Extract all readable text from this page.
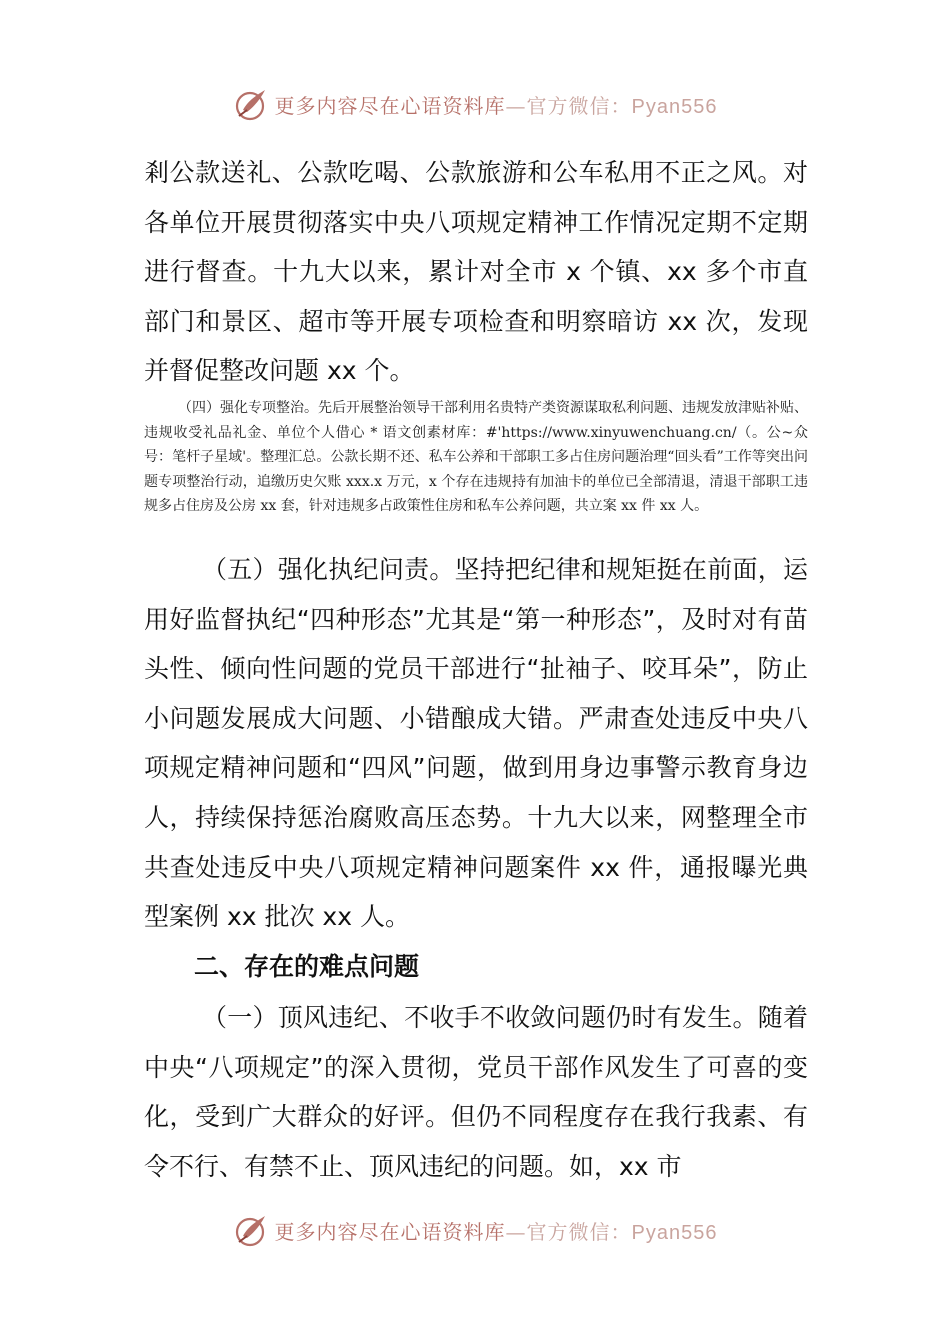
更多内容尽在心语资料库—官方微信：Pyan556

剎公款送礼、公款吃喝、公款旅游和公车私用不正之风。对各单位开展贯彻落实中央八项规定精神工作情况定期不定期进行督查。十九大以来，累计对全市 x 个镇、xx 多个市直部门和景区、超市等开展专项检查和明察暗访 xx 次，发现并督促整改问题 xx 个。

（四）强化专项整治。先后开展整治领导干部利用名贵特产类资源谋取私利问题、违规发放津贴补贴、违规收受礼品礼金、单位个人借心 * 语文创素材库：#'https://www.xinyuwenchuang.cn/（。公~众号：笔杆子星域'。整理汇总。公款长期不还、私车公养和干部职工多占住房问题治理“回头看”工作等突出问题专项整治行动，追缴历史欠账 xxx.x 万元，x 个存在违规持有加油卡的单位已全部清退，清退干部职工违规多占住房及公房 xx 套，针对违规多占政策性住房和私车公养问题，共立案 xx 件 xx 人。

（五）强化执纪问责。坚持把纪律和规矩挺在前面，运用好监督执纪“四种形态”尤其是“第一种形态”，及时对有苗头性、倾向性问题的党员干部进行“扯袖子、咬耳朵”，防止小问题发展成大问题、小错酿成大错。严肃查处违反中央八项规定精神问题和“四风”问题，做到用身边事警示教育身边人，持续保持惩治腐败高压态势。十九大以来，网整理全市共查处违反中央八项规定精神问题案件 xx 件，通报曝光典型案例 xx 批次 xx 人。

二、存在的难点问题

（一）顶风违纪、不收手不收敛问题仍时有发生。随着中央“八项规定”的深入贯彻，党员干部作风发生了可喜的变化，受到广大群众的好评。但仍不同程度存在我行我素、有令不行、有禁不止、顶风违纪的问题。如，xx 市

更多内容尽在心语资料库—官方微信：Pyan556
